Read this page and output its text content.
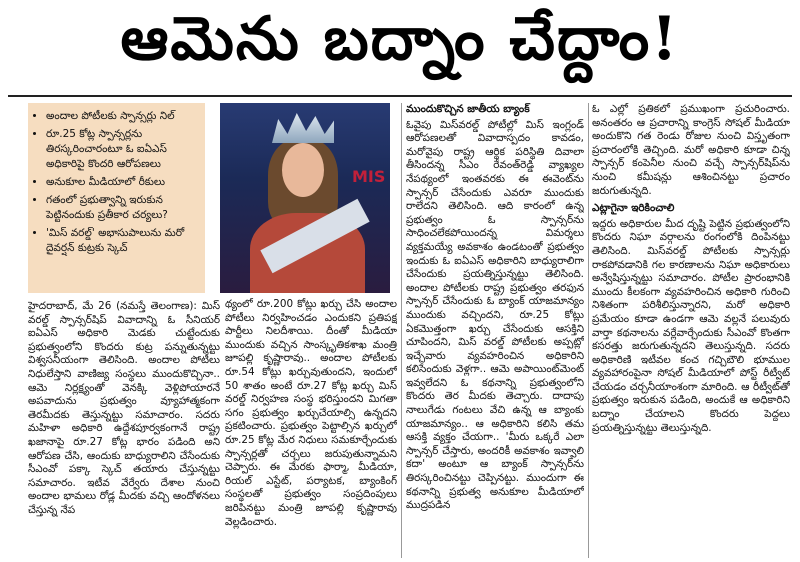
ఆమెను బద్నాం చేద్దాం!
• అందాల పోటీలకు స్పాన్సర్లు నిల్
• రూ.25 కోట్ల స్పాన్సర్లను తిరస్కరించారంటూ ఓ ఐఏఎస్ అధికారిపై కొందరి ఆరోపణలు
• అనుకూల మీడియాలో రీకులు
• గతంలో ప్రభుత్వాన్ని ఇరుకున పెట్టినందుకు ప్రతీకార చర్యలు?
• 'మిస్ వరల్డ్' అభాసుపాలును మరో దైవర్షన్ కుట్రకు స్కెచ్
MIS

హైదరాబాద్, మే 26 (నమస్తే తెలంగాణ): మిస్ వరల్డ్ స్పాన్సర్‌షిప్ వివాదాన్ని ఓ సీనియర్ ఐఏఎస్ అధికారి మెడకు చుట్టేందుకు ప్రభుత్వంలోని కొందరు కుట్ర పన్నుతున్నట్టు విశ్వసనీయంగా తెలిసింది. అందాల పోటీలు నిధులేస్తాని వాణిజ్య సంస్థలు ముందుకొచ్చినా.. ఆమె నిర్లక్ష్యంతో వెనక్కి వెళ్లిపోయారనే అపవాదును ప్రభుత్వం వ్యూహాత్మకంగా తెరమీదకు తెస్తున్నట్టు సమాచారం. సదరు మహిళా అధికారి ఉద్దేశపూర్వకంగానే రాష్ట్ర ఖజానాపై రూ.27 కోట్ల భారం పడింది అని ఆరోపణ చేసి, ఆందుకు బాధ్యురాలిని చేసేందుకు సీఎంవో పక్కా స్కెచ్ తయారు చేస్తున్నట్టు సమాచారం. ఇటీవ వేర్వేరు దేశాల నుంచి అందాల భామలు రోడ్ల మీదకు వచ్చి ఆందోళనలు చేస్తున్న నేప

థ్యంలో రూ.200 కోట్లు ఖర్చు చేసి అందాల పోటీలు నిర్వహించడం ఎందుకని ప్రతిపక్ష పార్టీలు నిలదీశాయి. దీంతో మీడియా ముందుకు వచ్చిన సాంస్కృతికశాఖ మంత్రి జూపల్లి కృష్ణారావు.. అందాల పోటీలకు రూ.54 కోట్లు ఖర్చువుతుందని, ఇందులో 50 శాతం అంటే రూ.27 కోట్ల ఖర్చు మిస్ వరల్డ్ నిర్వహణ సంస్థ భరిస్తుందని మిగతా సగం ప్రభుత్వం ఖర్చుచేయాల్సి ఉన్నదని ప్రకటించారు. ప్రభుత్వం పెట్టాల్సిన ఖర్చులో రూ.25 కోట్ల మేర నిధులు సమకూర్చేందుకు స్పాన్సర్లతో చర్చలు జరుపుతున్నామని చెప్పారు. ఈ మేరకు ఫార్మా, మీడియా, రియల్ ఎస్టేట్, పర్యాటక, బ్యాంకింగ్ సంస్థలతో ప్రభుత్వం సంప్రదింపులు జరిపినట్టు మంత్రి జూపల్లి కృష్ణారావు వెల్లడించారు.

ముందుకొచ్చిన జాతీయ బ్యాంక్

ఓవైపు మిస్‌వరల్డ్ పోటీల్లో మిస్ ఇంగ్లండ్ ఆరోపణలతో వివాదాస్పదం కావడం, మరోవైపు రాష్ట్ర ఆర్థిక పరిస్థితి దివాలా తీసిందన్న సీఎం రేవంత్‌రెడ్డి వ్యాఖ్యల నేపథ్యంలో ఇంతవరకు ఈ ఈవెంట్‌ను స్పాన్సర్ చేసేందుకు ఎవరూ ముందుకు రాలేదని తెలిసింది. ఆది కారంలో ఉన్న ప్రభుత్వం ఓ స్పాన్సర్‌ను సాధించలేకపోయిందన్న విమర్శలు వ్యక్తమయ్యే అవకాశం ఉండటంతో ప్రభుత్వం ఇందుకు ఓ ఐఏఎస్ అధికారిని బాధ్యురాలిగా చేసేందుకు ప్రయత్నిస్తున్నట్టు తెలిసింది. అందాల పోటీలకు రాష్ట్ర ప్రభుత్వం తరఫున స్పాన్సర్ చేసేందుకు ఓ బ్యాంక్ యాజమాన్యం ముందుకు వచ్చిందని, రూ.25 కోట్లు ఏకమొత్తంగా ఖర్చు చేసేందుకు ఆసక్తిని చూపిందని, మిస్ వరల్డ్ పోటీలకు అప్పట్లో ఇచ్చేవారు వ్యవహరించిన అధికారిని కలిసేందుకు వెళ్లగా.. ఆమె అపాయింట్‌మెంట్ ఇవ్వలేదని ఓ కథనాన్ని ప్రభుత్వంలోని కొందరు తెర మీదకు తెచ్చారు. దాదాపు నాలుగేడు గంటలు వేచి ఉన్న ఆ బ్యాంకు యాజమాన్యం.. ఆ అధికారిని కలిసి తమ ఆసక్తి వ్యక్తం చేయగా.. 'మీరు ఒక్కరే ఎలా స్పాన్సర్ చేస్తారు, అందరికీ అవకాశం ఇవ్వాలి కదా' అంటూ ఆ బ్యాంక్ స్పాన్సర్‌ను తిరస్కరించినట్టు చెప్పినట్టు. ముందుగా ఈ కథనాన్ని ప్రభుత్వ అనుకూల మీడియాలో ముద్రపడిన

ఓ ఎల్లో ప్రతికలో ప్రముఖంగా ప్రచురించారు. అనంతరం ఆ ప్రచారాన్ని కాంగ్రెస్ సోషల్ మీడియా అందుకొని గత రెండు రోజుల నుంచి విస్తృతంగా ప్రచారంలోకి తెచ్చింది. మరో అధికారి కూడా చిన్న స్పాన్సర్ కంపెనీల నుంచి వచ్చే స్పాన్సర్‌షిప్‌ను నుంచి కమీషన్లు ఆశించినట్టు ప్రచారం జరుగుతున్నది.

ఎట్లాగైనా ఇరికించాలి

ఇద్దరు అధికారుల మీద దృష్టి పెట్టిన ప్రభుత్వంలోని కొందరు నిఘా వర్గాలను రంగంలోకి దింపినట్టు తెలిసింది. మిస్‌వరల్డ్ పోటీలకు స్పాన్సర్లు రాకపోవడానికి గల కారణాలను నిఘా అధికారులు అన్వేషిస్తున్నట్టు సమాచారం. పోటీల ప్రారంభానికి ముందు కీలకంగా వ్యవహరించిన అధికారి గురించి నిశితంగా పరిశీలిస్తున్నారని, మరో అధికారి ప్రమేయం కూడా ఉండగా ఆమె వల్లనే పలువురు వార్తా కథనాలను వర్లేవార్చేందుకు సీఎంవో కొంతగా కసరత్తు జరుగుతున్నదని తెలుస్తున్నది. సదరు అధికారిణి ఇటీవల కంచ గచ్చిబౌలి భూముల వ్యవహారంపైనా సోషల్ మీడియాలో పోస్ట్ రీట్వీట్ చేయడం చర్చనీయాంశంగా మారింది. ఆ రీట్వీట్‌తో ప్రభుత్వం ఇరుకున పడింది, అందుకే ఆ అధికారిని బద్నాం చేయాలని కొందరు పెద్దలు ప్రయత్నిస్తున్నట్టు తెలుస్తున్నది.
